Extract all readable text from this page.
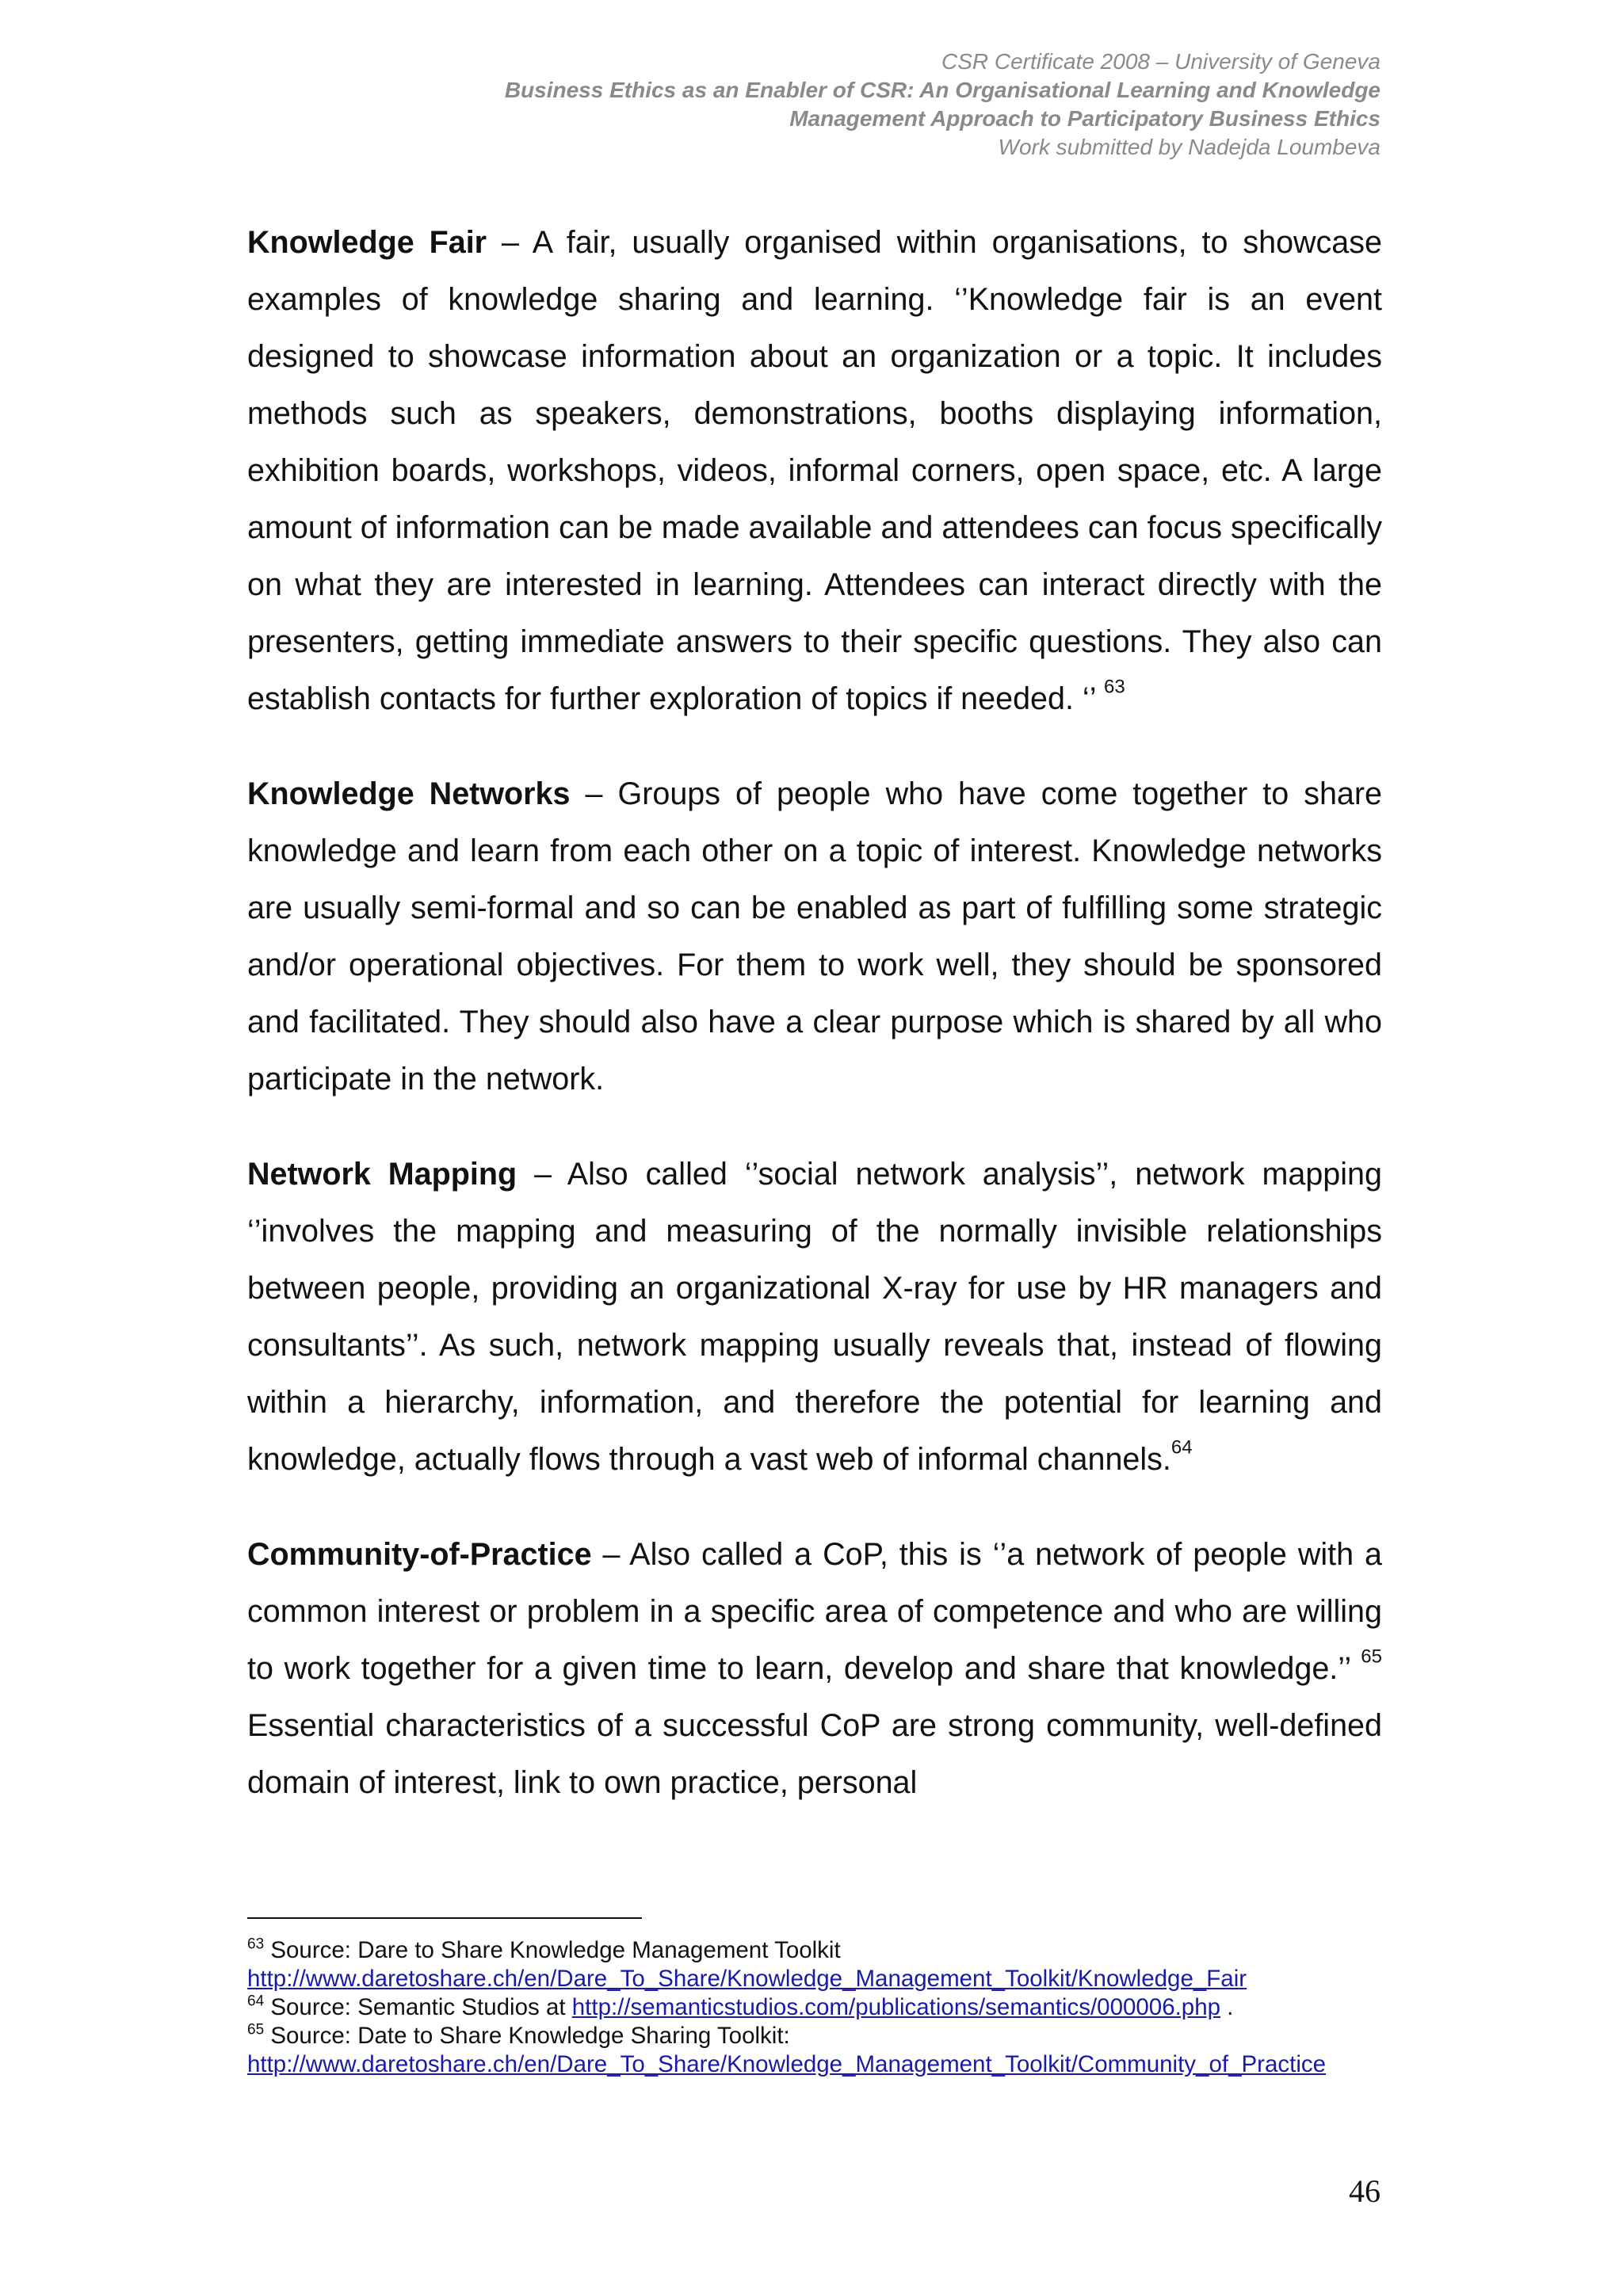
CSR Certificate 2008 – University of Geneva
Business Ethics as an Enabler of CSR: An Organisational Learning and Knowledge
Management Approach to Participatory Business Ethics
Work submitted by Nadejda Loumbeva

Knowledge Fair – A fair, usually organised within organisations, to showcase examples of knowledge sharing and learning. ‘’Knowledge fair is an event designed to showcase information about an organization or a topic. It includes methods such as speakers, demonstrations, booths displaying information, exhibition boards, workshops, videos, informal corners, open space, etc. A large amount of information can be made available and attendees can focus specifically on what they are interested in learning. Attendees can interact directly with the presenters, getting immediate answers to their specific questions. They also can establish contacts for further exploration of topics if needed. ‘’ $^{63}$

Knowledge Networks – Groups of people who have come together to share knowledge and learn from each other on a topic of interest. Knowledge networks are usually semi-formal and so can be enabled as part of fulfilling some strategic and/or operational objectives. For them to work well, they should be sponsored and facilitated. They should also have a clear purpose which is shared by all who participate in the network.

Network Mapping – Also called ‘’social network analysis’’, network mapping ‘’involves the mapping and measuring of the normally invisible relationships between people, providing an organizational X-ray for use by HR managers and consultants’’. As such, network mapping usually reveals that, instead of flowing within a hierarchy, information, and therefore the potential for learning and knowledge, actually flows through a vast web of informal channels.$^{64}$

Community-of-Practice – Also called a CoP, this is ‘’a network of people with a common interest or problem in a specific area of competence and who are willing to work together for a given time to learn, develop and share that knowledge.’’ $^{65}$ Essential characteristics of a successful CoP are strong community, well-defined domain of interest, link to own practice, personal

$^{63}$ Source: Dare to Share Knowledge Management Toolkit
http://www.daretoshare.ch/en/Dare_To_Share/Knowledge_Management_Toolkit/Knowledge_Fair
$^{64}$ Source: Semantic Studios at http://semanticstudios.com/publications/semantics/000006.php .
$^{65}$ Source: Date to Share Knowledge Sharing Toolkit:
http://www.daretoshare.ch/en/Dare_To_Share/Knowledge_Management_Toolkit/Community_of_Practice
46
